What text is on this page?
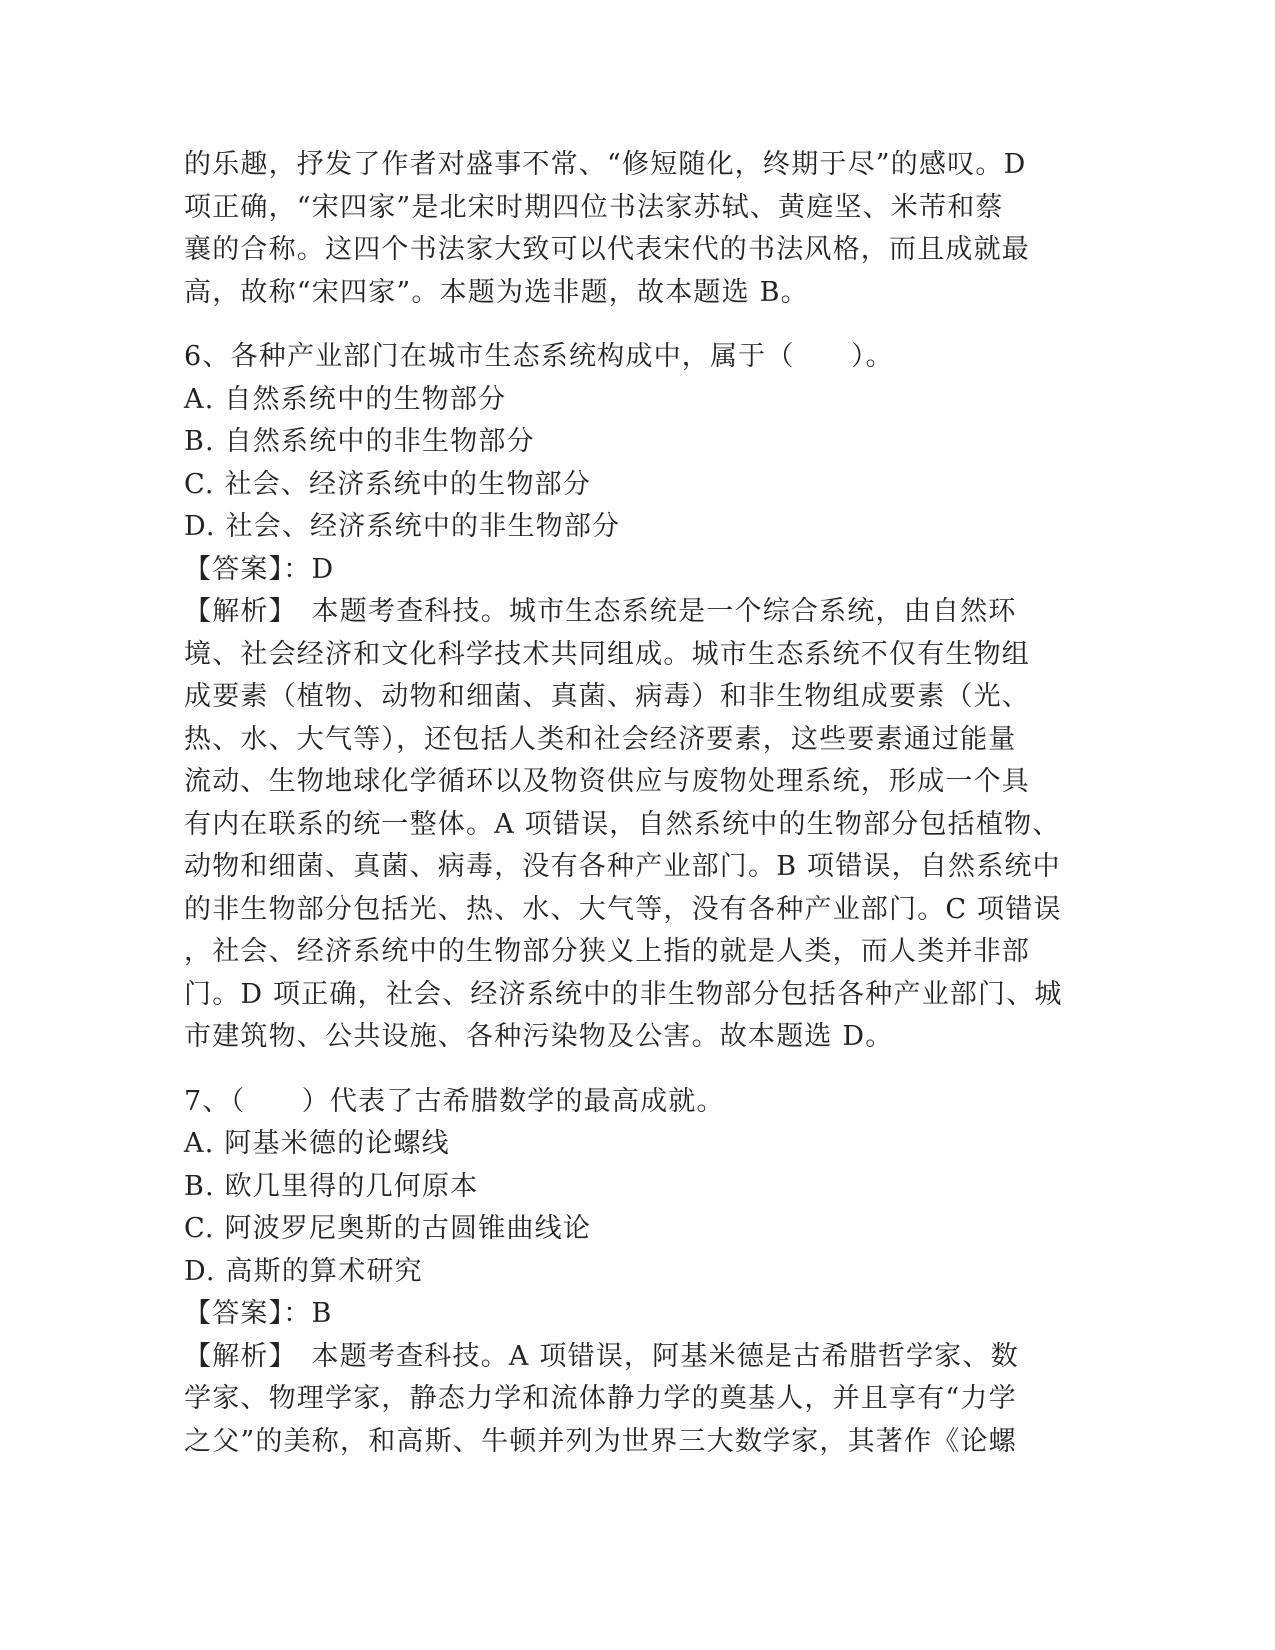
的乐趣，抒发了作者对盛事不常、“修短随化，终期于尽”的感叹。D
项正确，“宋四家”是北宋时期四位书法家苏轼、黄庭坚、米芾和蔡
襄的合称。这四个书法家大致可以代表宋代的书法风格，而且成就最
高，故称“宋四家”。本题为选非题，故本题选 B。
6、各种产业部门在城市生态系统构成中，属于（　　）。
A. 自然系统中的生物部分
B. 自然系统中的非生物部分
C. 社会、经济系统中的生物部分
D. 社会、经济系统中的非生物部分
【答案】：D
【解析】　本题考查科技。城市生态系统是一个综合系统，由自然环
境、社会经济和文化科学技术共同组成。城市生态系统不仅有生物组
成要素（植物、动物和细菌、真菌、病毒）和非生物组成要素（光、
热、水、大气等），还包括人类和社会经济要素，这些要素通过能量
流动、生物地球化学循环以及物资供应与废物处理系统，形成一个具
有内在联系的统一整体。A 项错误，自然系统中的生物部分包括植物、
动物和细菌、真菌、病毒，没有各种产业部门。B 项错误，自然系统中
的非生物部分包括光、热、水、大气等，没有各种产业部门。C 项错误
，社会、经济系统中的生物部分狭义上指的就是人类，而人类并非部
门。D 项正确，社会、经济系统中的非生物部分包括各种产业部门、城
市建筑物、公共设施、各种污染物及公害。故本题选 D。
7、（　　）代表了古希腊数学的最高成就。
A. 阿基米德的论螺线
B. 欧几里得的几何原本
C. 阿波罗尼奥斯的古圆锥曲线论
D. 高斯的算术研究
【答案】：B
【解析】　本题考查科技。A 项错误，阿基米德是古希腊哲学家、数
学家、物理学家，静态力学和流体静力学的奠基人，并且享有“力学
之父”的美称，和高斯、牛顿并列为世界三大数学家，其著作《论螺
